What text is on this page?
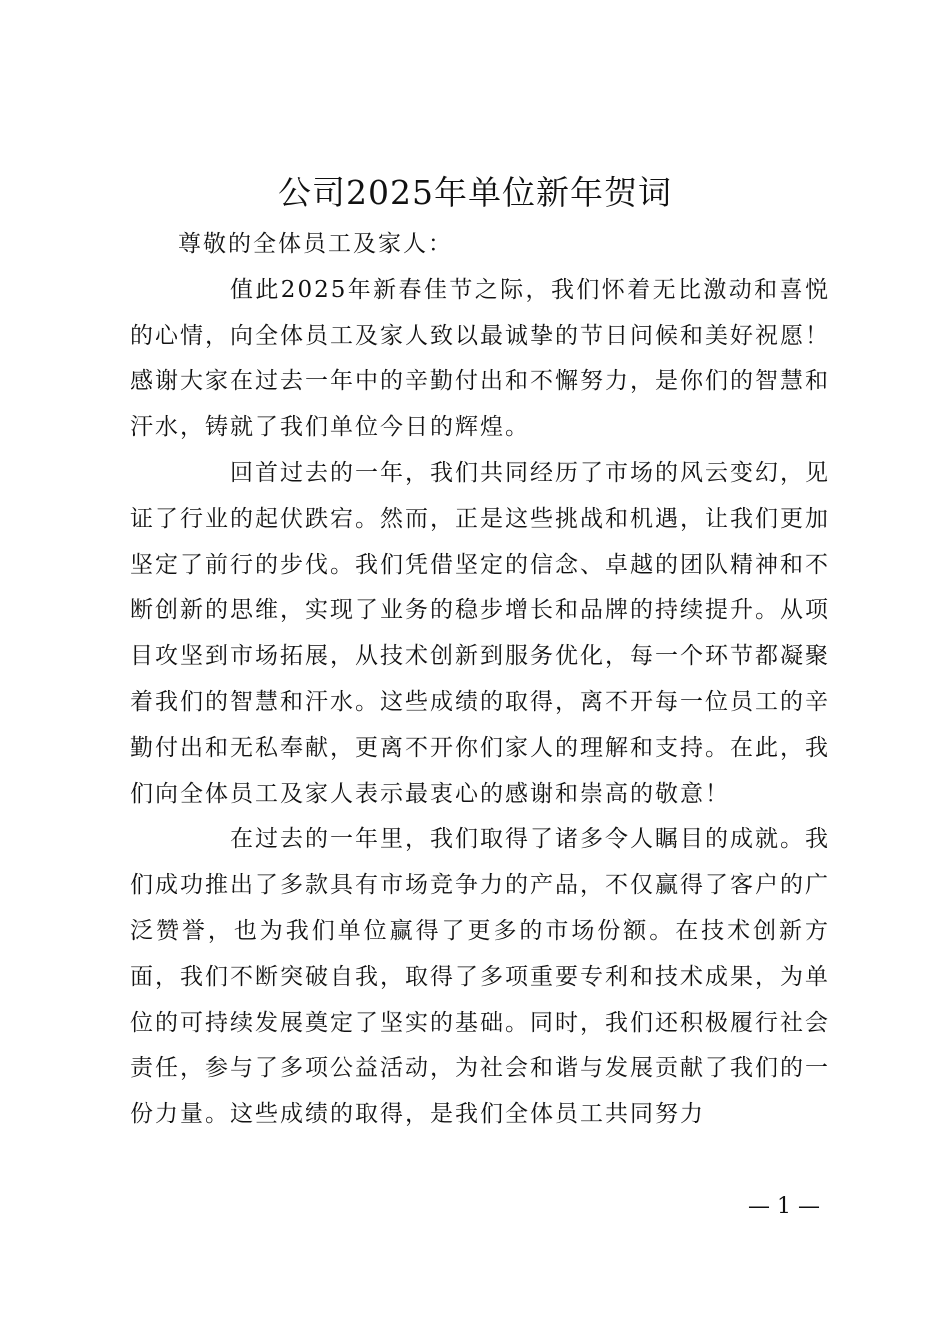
公司2025年单位新年贺词

尊敬的全体员工及家人：

值此2025年新春佳节之际，我们怀着无比激动和喜悦的心情，向全体员工及家人致以最诚挚的节日问候和美好祝愿！感谢大家在过去一年中的辛勤付出和不懈努力，是你们的智慧和汗水，铸就了我们单位今日的辉煌。

回首过去的一年，我们共同经历了市场的风云变幻，见证了行业的起伏跌宕。然而，正是这些挑战和机遇，让我们更加坚定了前行的步伐。我们凭借坚定的信念、卓越的团队精神和不断创新的思维，实现了业务的稳步增长和品牌的持续提升。从项目攻坚到市场拓展，从技术创新到服务优化，每一个环节都凝聚着我们的智慧和汗水。这些成绩的取得，离不开每一位员工的辛勤付出和无私奉献，更离不开你们家人的理解和支持。在此，我们向全体员工及家人表示最衷心的感谢和崇高的敬意！

在过去的一年里，我们取得了诸多令人瞩目的成就。我们成功推出了多款具有市场竞争力的产品，不仅赢得了客户的广泛赞誉，也为我们单位赢得了更多的市场份额。在技术创新方面，我们不断突破自我，取得了多项重要专利和技术成果，为单位的可持续发展奠定了坚实的基础。同时，我们还积极履行社会责任，参与了多项公益活动，为社会和谐与发展贡献了我们的一份力量。这些成绩的取得，是我们全体员工共同努力

— 1 —
